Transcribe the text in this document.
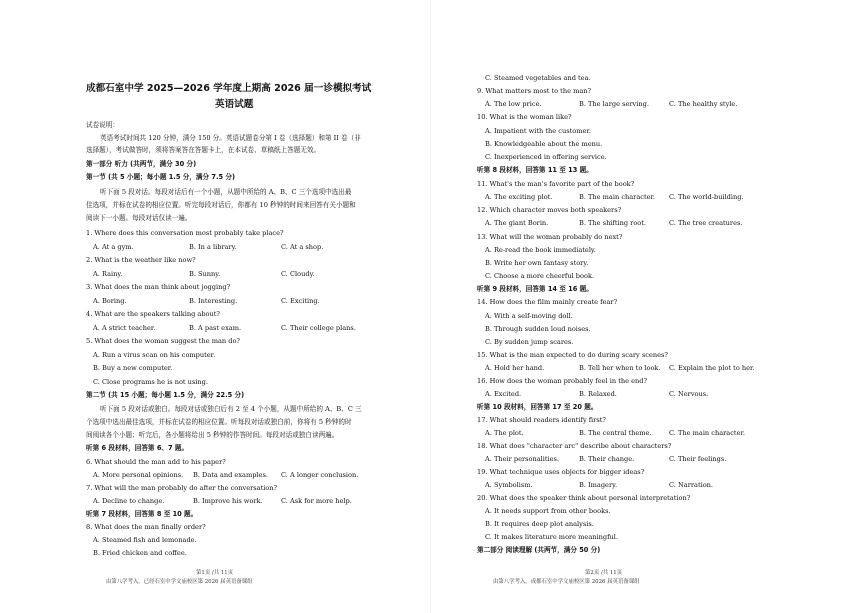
成都石室中学 2025—2026 学年度上期高 2026 届一诊模拟考试
英语试题
试卷说明：
英语考试时间共 120 分钟，满分 150 分。英语试题卷分第 I 卷（选择题）和第 II 卷（非
选择题），考试做答时，须将答案答在答题卡上，在本试卷、草稿纸上答题无效。
第一部分 听力 (共两节，满分 30 分)
第一节 (共 5 小题；每小题 1.5 分，满分 7.5 分)
听下面 5 段对话。每段对话后有一个小题，从题中所给的 A、B、C 三个选项中选出最
佳选项，并标在试卷的相应位置。听完每段对话后，你都有 10 秒钟的时间来回答有关小题和
阅读下一小题。每段对话仅读一遍。
1. Where does this conversation most probably take place?
A. At a gym.	B. In a library.	C. At a shop.
2. What is the weather like now?
A. Rainy.	B. Sunny.	C. Cloudy.
3. What does the man think about jogging?
A. Boring.	B. Interesting.	C. Exciting.
4. What are the speakers talking about?
A. A strict teacher.	B. A past exam.	C. Their college plans.
5. What does the woman suggest the man do?
A. Run a virus scan on his computer.
B. Buy a new computer.
C. Close programs he is not using.
第二节 (共 15 小题；每小题 1.5 分，满分 22.5 分)
听下面 5 段对话或独白。每段对话或独白后有 2 至 4 个小题，从题中所给的 A、B、C 三
个选项中选出最佳选项，并标在试卷的相应位置。听每段对话或独白前，你将有 5 秒钟的时
间阅读各个小题；听完后，各小题将给出 5 秒钟的作答时间。每段对话或独白读两遍。
听第 6 段材料，回答第 6、7 题。
6. What should the man add to his paper?
A. More personal opinions. B. Data and examples. C. A longer conclusion.
7. What will the man probably do after the conversation?
A. Decline to change.	B. Improve his work.	C. Ask for more help.
听第 7 段材料，回答第 8 至 10 题。
8. What does the man finally order?
A. Steamed fish and lemonade.
B. Fried chicken and coffee.
第1页 /共 11页
由第八学考入。已经石室中学文庙校区第 2026 届英语备课组
C. Steamed vegetables and tea.
9. What matters most to the man?
A. The low price.	B. The large serving.	C. The healthy style.
10. What is the woman like?
A. Impatient with the customer.
B. Knowledgeable about the menu.
C. Inexperienced in offering service.
听第 8 段材料，回答第 11 至 13 题。
11. What's the man's favorite part of the book?
A. The exciting plot.	B. The main character. C. The world-building.
12. Which character moves both speakers?
A. The giant Borin.	B. The shifting root.	C. The tree creatures.
13. What will the woman probably do next?
A. Re-read the book immediately.
B. Write her own fantasy story.
C. Choose a more cheerful book.
听第 9 段材料，回答第 14 至 16 题。
14. How does the film mainly create fear?
A. With a self-moving doll.
B. Through sudden loud noises.
C. By sudden jump scares.
15. What is the man expected to do during scary scenes?
A. Hold her hand.	B. Tell her when to look. C. Explain the plot to her.
16. How does the woman probably feel in the end?
A. Excited.	B. Relaxed.	C. Nervous.
听第 10 段材料，回答第 17 至 20 题。
17. What should readers identify first?
A. The plot.	B. The central theme.	C. The main character.
18. What does "character arc" describe about characters?
A. Their personalities.	B. Their change.	C. Their feelings.
19. What technique uses objects for bigger ideas?
A. Symbolism.	B. Imagery.	C. Narration.
20. What does the speaker think about personal interpretation?
A. It needs support from other books.
B. It requires deep plot analysis.
C. It makes literature more meaningful.
第二部分 阅读理解 (共两节，满分 50 分)
第2页 /共 11页
由第八学考入。成都石室中学文庙校区第 2026 届英语备课组
